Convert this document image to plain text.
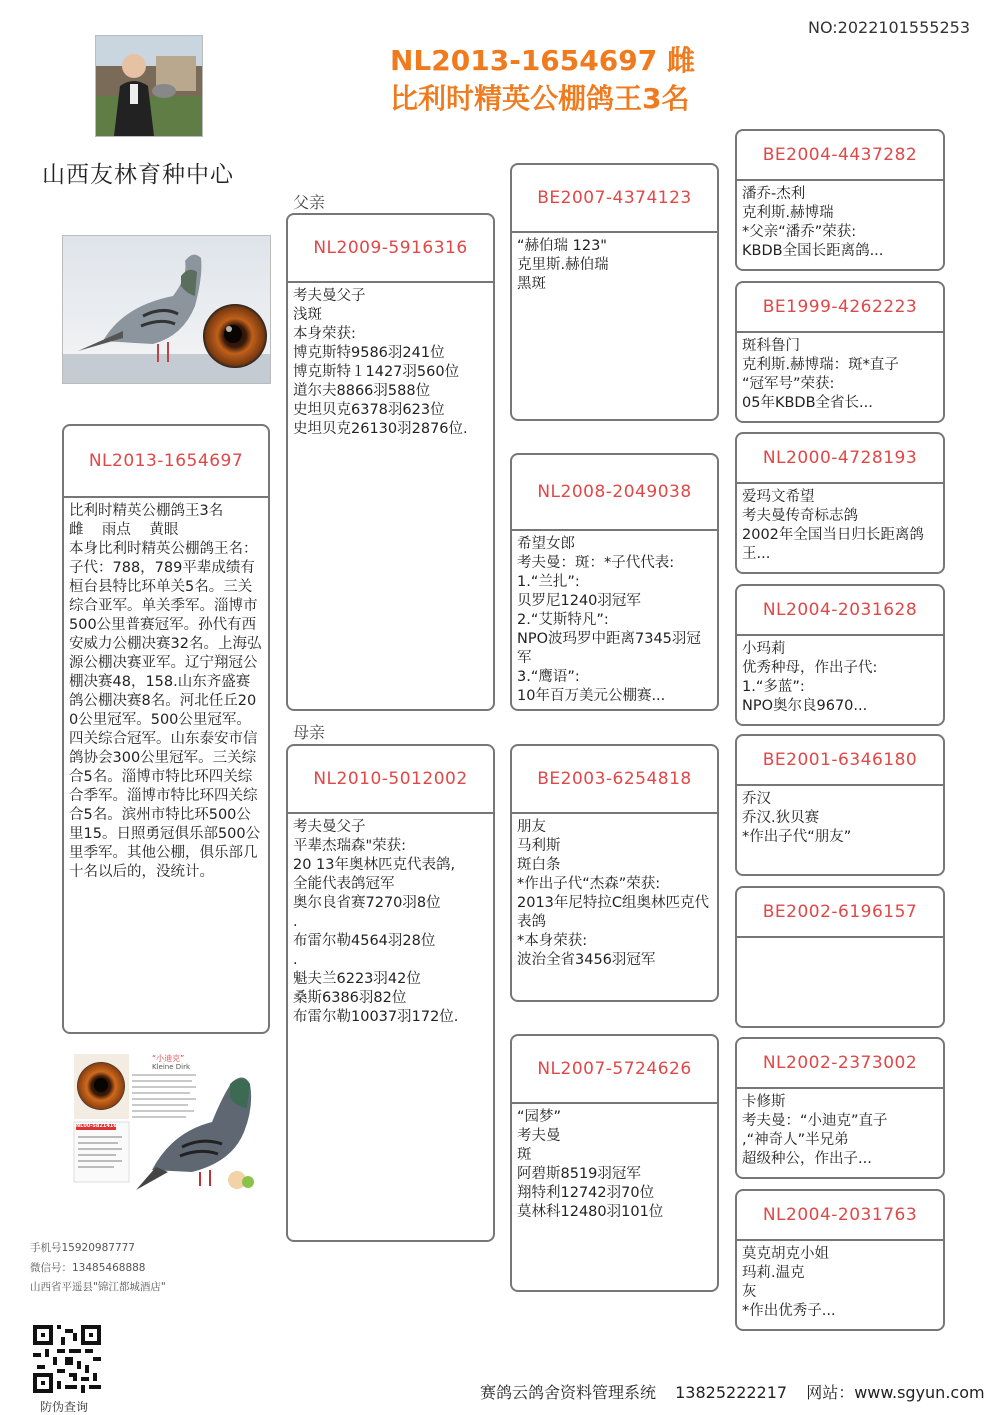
NO:2022101555253
NL2013-1654697 雌
比利时精英公棚鸽王3名
山西友林育种中心
NL2013-1654697
比利时精英公棚鸽王3名
雌    雨点    黄眼
本身比利时精英公棚鸽王名：子代：788，789平辈成绩有桓台县特比环单关5名。三关综合亚军。单关季军。淄博市500公里普赛冠军。孙代有西安威力公棚决赛32名。上海弘源公棚决赛亚军。辽宁翔冠公棚决赛48，158.山东齐盛赛鸽公棚决赛8名。河北任丘200公里冠军。500公里冠军。四关综合冠军。山东泰安市信鸽协会300公里冠军。三关综合5名。淄博市特比环四关综合季军。淄博市特比环四关综合5名。滨州市特比环500公里15。日照勇冠俱乐部500公里季军。其他公棚，俱乐部几十名以后的，没统计。
父亲
母亲
NL2009-5916316
考夫曼父子
浅斑
本身荣获:
博克斯特9586羽241位
博克斯特１1427羽560位
道尔夫8866羽588位
史坦贝克6378羽623位
史坦贝克26130羽2876位.
NL2010-5012002
考夫曼父子
平辈杰瑞森"荣获:
20 13年奥林匹克代表鸽,
全能代表鸽冠军
奥尔良省赛7270羽8位
.
布雷尔勒4564羽28位
.
魁夫兰6223羽42位
桑斯6386羽82位
布雷尔勒10037羽172位.
BE2007-4374123
“赫伯瑞 123"
克里斯.赫伯瑞
黑斑
NL2008-2049038
希望女郎
考夫曼：斑：*子代代表:
1.“兰扎”:
贝罗尼1240羽冠军
2.“艾斯特凡”:
NPO波玛罗中距离7345羽冠军
3.“鹰语”:
10年百万美元公棚赛...
BE2003-6254818
朋友
马利斯
斑白条
*作出子代“杰森”荣获:
2013年尼特拉C组奥林匹克代表鸽
*本身荣获:
波治全省3456羽冠军
NL2007-5724626
“园梦”
考夫曼
斑
阿碧斯8519羽冠军
翔特利12742羽70位
莫林科12480羽101位
BE2004-4437282
潘乔-杰利
克利斯.赫博瑞
*父亲“潘乔”荣获:
KBDB全国长距离鸽...
BE1999-4262223
斑科鲁门
克利斯.赫博瑞：斑*直子
“冠军号”荣获:
05年KBDB全省长...
NL2000-4728193
爱玛文希望
考夫曼传奇标志鸽
2002年全国当日归长距离鸽王...
NL2004-2031628
小玛莉
优秀种母，作出子代:
1.“多蓝”:
NPO奥尔良9670...
BE2001-6346180
乔汉
乔汉.狄贝赛
*作出子代“朋友”
BE2002-6196157
NL2002-2373002
卡修斯
考夫曼：“小迪克”直子
,“神奇人”半兄弟
超级种公，作出子...
NL2004-2031763
莫克胡克小姐
玛莉.温克
灰
*作出优秀子...
“小迪克”
Kleine Dirk
NL00-5821416
手机号15920987777
微信号：13485468888
山西省平遥县"锦江都城酒店"
防伪查询
赛鸽云鸽舍资料管理系统 13825222217 网站：www.sgyun.com
